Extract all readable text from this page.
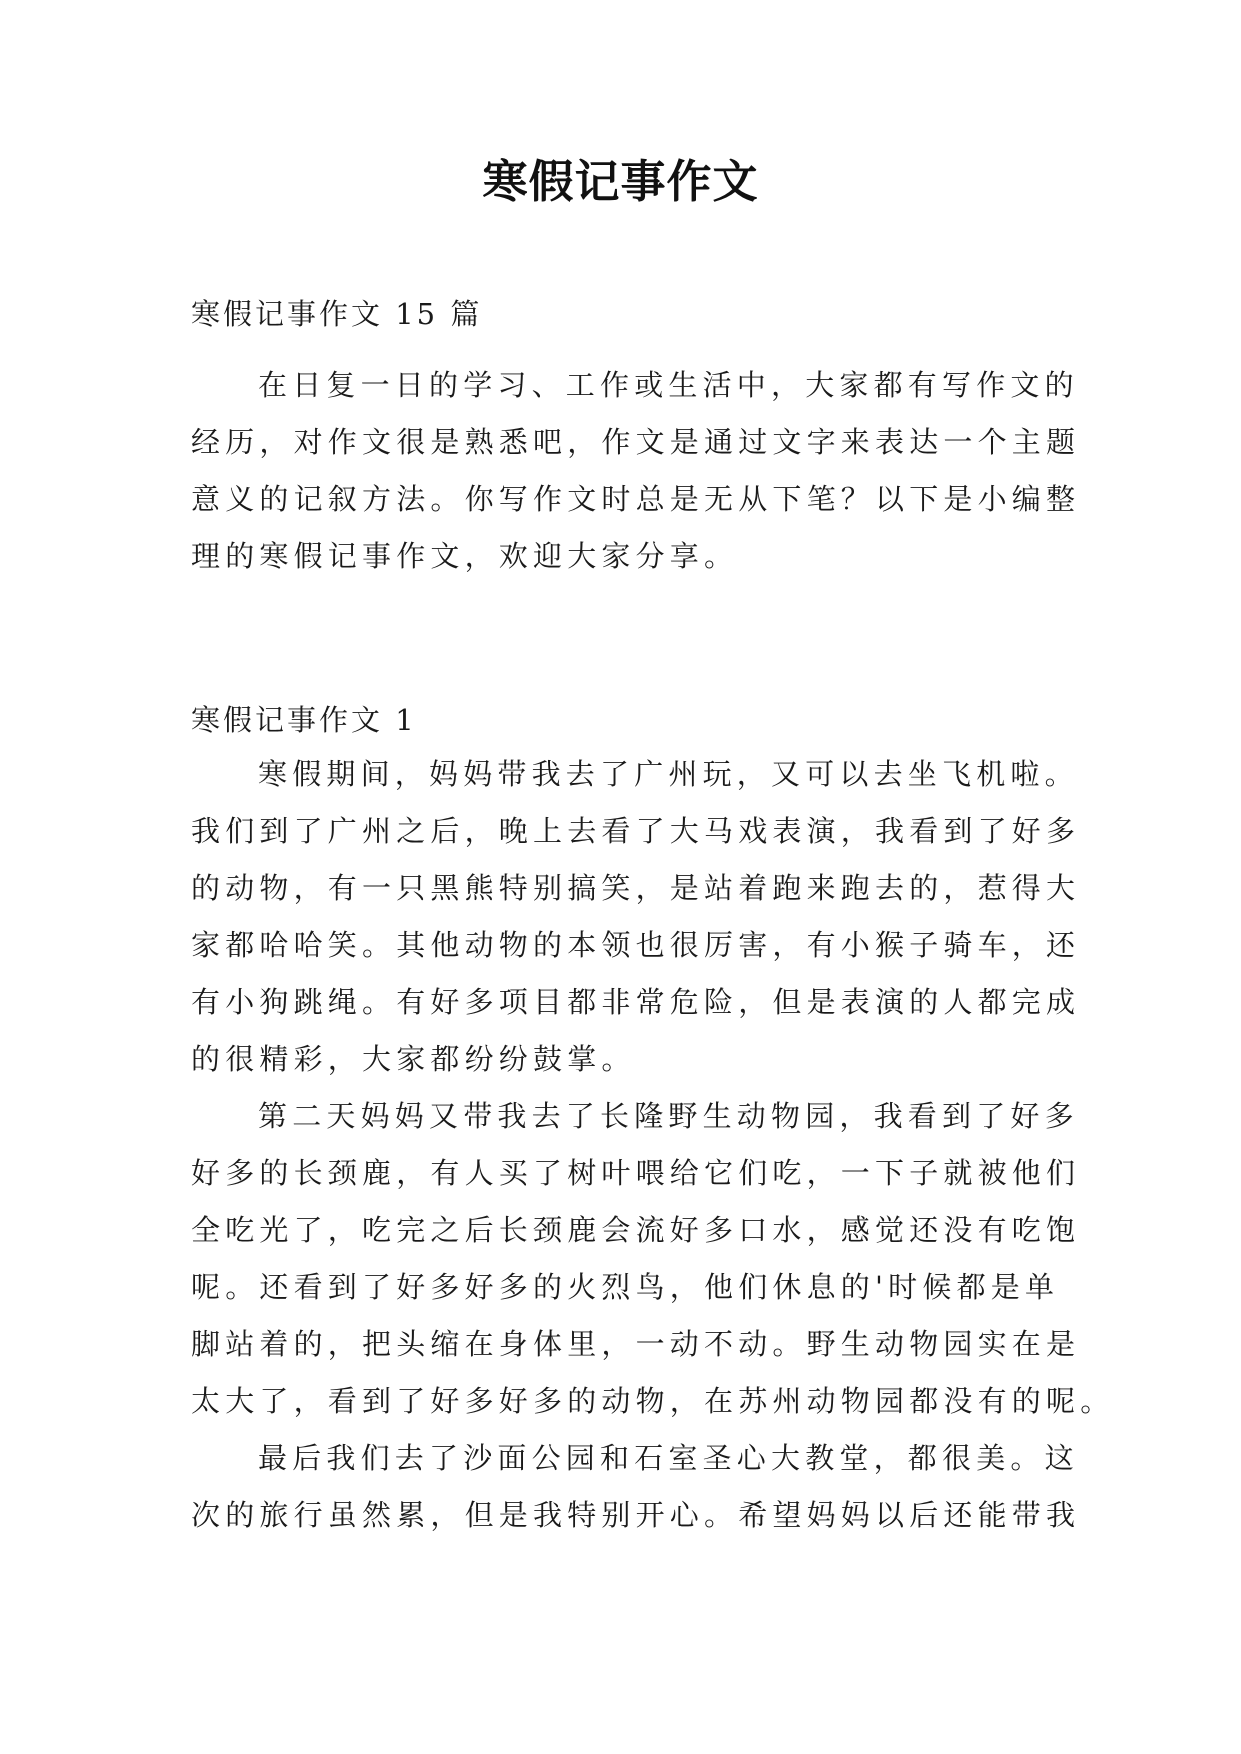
寒假记事作文
寒假记事作文 15 篇
在日复一日的学习、工作或生活中，大家都有写作文的
经历，对作文很是熟悉吧，作文是通过文字来表达一个主题
意义的记叙方法。你写作文时总是无从下笔？以下是小编整
理的寒假记事作文，欢迎大家分享。
寒假记事作文 1
寒假期间，妈妈带我去了广州玩，又可以去坐飞机啦。
我们到了广州之后，晚上去看了大马戏表演，我看到了好多
的动物，有一只黑熊特别搞笑，是站着跑来跑去的，惹得大
家都哈哈笑。其他动物的本领也很厉害，有小猴子骑车，还
有小狗跳绳。有好多项目都非常危险，但是表演的人都完成
的很精彩，大家都纷纷鼓掌。
第二天妈妈又带我去了长隆野生动物园，我看到了好多
好多的长颈鹿，有人买了树叶喂给它们吃，一下子就被他们
全吃光了，吃完之后长颈鹿会流好多口水，感觉还没有吃饱
呢。还看到了好多好多的火烈鸟，他们休息的'时候都是单
脚站着的，把头缩在身体里，一动不动。野生动物园实在是
太大了，看到了好多好多的动物，在苏州动物园都没有的呢。
最后我们去了沙面公园和石室圣心大教堂，都很美。这
次的旅行虽然累，但是我特别开心。希望妈妈以后还能带我
